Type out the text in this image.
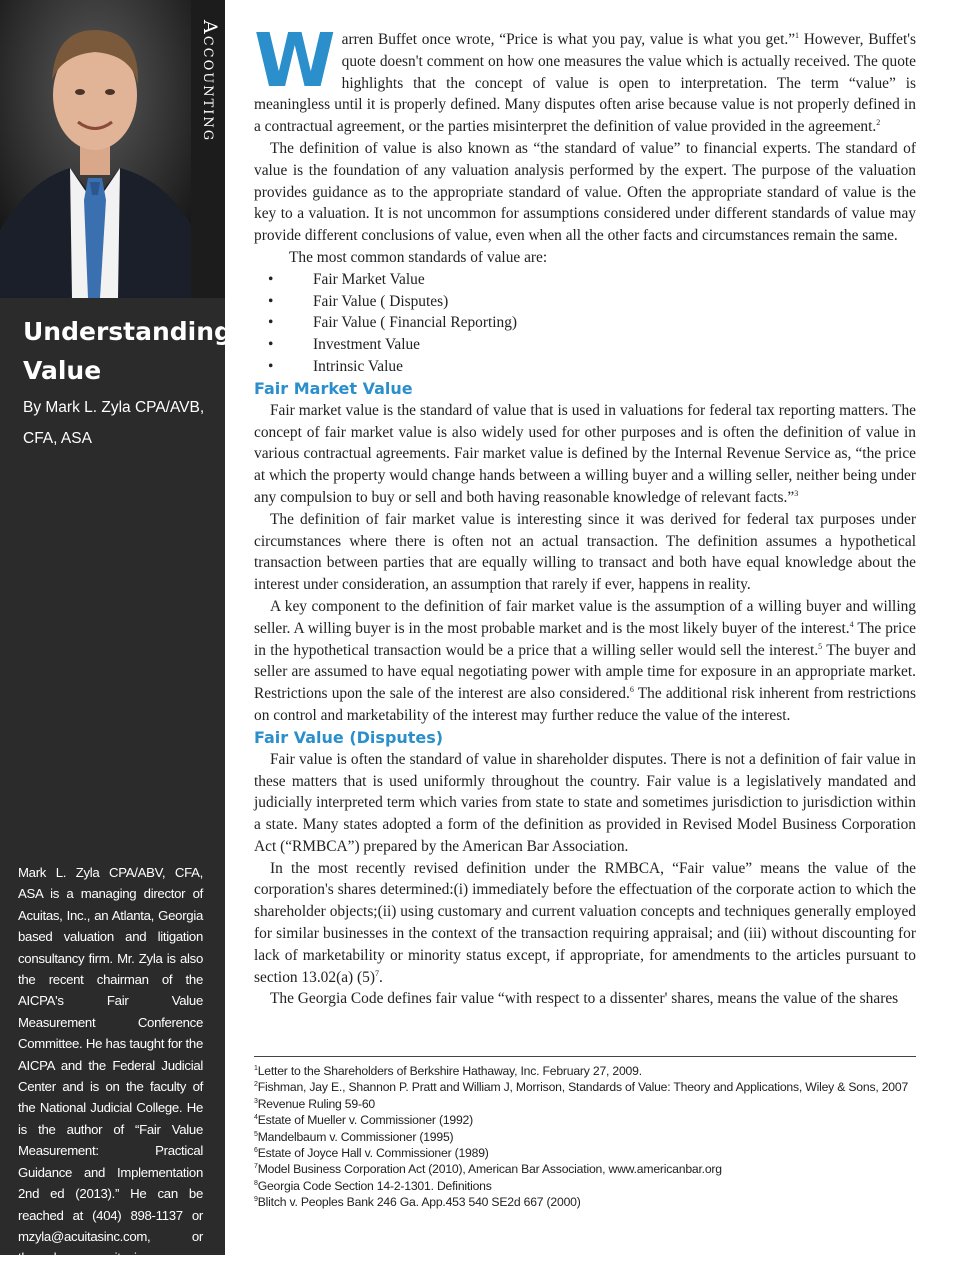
Accounting
Understanding
Value
By Mark L. Zyla CPA/AVB,
CFA, ASA
Mark L. Zyla CPA/ABV, CFA, ASA is a managing director of Acuitas, Inc., an Atlanta, Georgia based valuation and litigation consultancy firm. Mr. Zyla is also the recent chairman of the AICPA's Fair Value Measurement Conference Committee. He has taught for the AICPA and the Federal Judicial Center and is on the faculty of the National Judicial College. He is the author of “Fair Value Measurement: Practical Guidance and Implementation 2nd ed (2013).” He can be reached at (404) 898-1137 or mzyla@acuitasinc.com, or through www.acuitasinc.com

Warren Buffet once wrote, “Price is what you pay, value is what you get.”$^1$ However, Buffet's quote doesn't comment on how one measures the value which is actually received. The quote highlights that the concept of value is open to interpretation. The term “value” is meaningless until it is properly defined. Many disputes often arise because value is not properly defined in a contractual agreement, or the parties misinterpret the definition of value provided in the agreement.$^2$

The definition of value is also known as “the standard of value” to financial experts. The standard of value is the foundation of any valuation analysis performed by the expert. The purpose of the valuation provides guidance as to the appropriate standard of value. Often the appropriate standard of value is the key to a valuation. It is not uncommon for assumptions considered under different standards of value may provide different conclusions of value, even when all the other facts and circumstances remain the same.

The most common standards of value are:

• Fair Market Value
• Fair Value ( Disputes)
• Fair Value ( Financial Reporting)
• Investment Value
• Intrinsic Value
Fair Market Value

Fair market value is the standard of value that is used in valuations for federal tax reporting matters. The concept of fair market value is also widely used for other purposes and is often the definition of value in various contractual agreements. Fair market value is defined by the Internal Revenue Service as, “the price at which the property would change hands between a willing buyer and a willing seller, neither being under any compulsion to buy or sell and both having reasonable knowledge of relevant facts.”$^3$

The definition of fair market value is interesting since it was derived for federal tax purposes under circumstances where there is often not an actual transaction. The definition assumes a hypothetical transaction between parties that are equally willing to transact and both have equal knowledge about the interest under consideration, an assumption that rarely if ever, happens in reality.

A key component to the definition of fair market value is the assumption of a willing buyer and willing seller. A willing buyer is in the most probable market and is the most likely buyer of the interest.$^4$ The price in the hypothetical transaction would be a price that a willing seller would sell the interest.$^5$ The buyer and seller are assumed to have equal negotiating power with ample time for exposure in an appropriate market. Restrictions upon the sale of the interest are also considered.$^6$ The additional risk inherent from restrictions on control and marketability of the interest may further reduce the value of the interest.

Fair Value (Disputes)

Fair value is often the standard of value in shareholder disputes. There is not a definition of fair value in these matters that is used uniformly throughout the country. Fair value is a legislatively mandated and judicially interpreted term which varies from state to state and sometimes jurisdiction to jurisdiction within a state. Many states adopted a form of the definition as provided in Revised Model Business Corporation Act (“RMBCA”) prepared by the American Bar Association.

In the most recently revised definition under the RMBCA, “Fair value” means the value of the corporation's shares determined:(i) immediately before the effectuation of the corporate action to which the shareholder objects;(ii) using customary and current valuation concepts and techniques generally employed for similar businesses in the context of the transaction requiring appraisal; and (iii) without discounting for lack of marketability or minority status except, if appropriate, for amendments to the articles pursuant to section 13.02(a) $(5)^7$.

The Georgia Code defines fair value “with respect to a dissenter' shares, means the value of the shares

$^1$Letter to the Shareholders of Berkshire Hathaway, Inc. February 27, 2009.
$^2$Fishman, Jay E., Shannon P. Pratt and William J, Morrison, Standards of Value: Theory and Applications, Wiley & Sons, 2007
$^3$Revenue Ruling 59-60
$^4$Estate of Mueller v. Commissioner (1992)
$^5$Mandelbaum v. Commissioner (1995)
$^6$Estate of Joyce Hall v. Commissioner (1989)
$^7$Model Business Corporation Act (2010), American Bar Association, www.americanbar.org
$^8$Georgia Code Section 14-2-1301. Definitions
$^9$Blitch v. Peoples Bank 246 Ga. App.453 540 SE2d 667 (2000)
